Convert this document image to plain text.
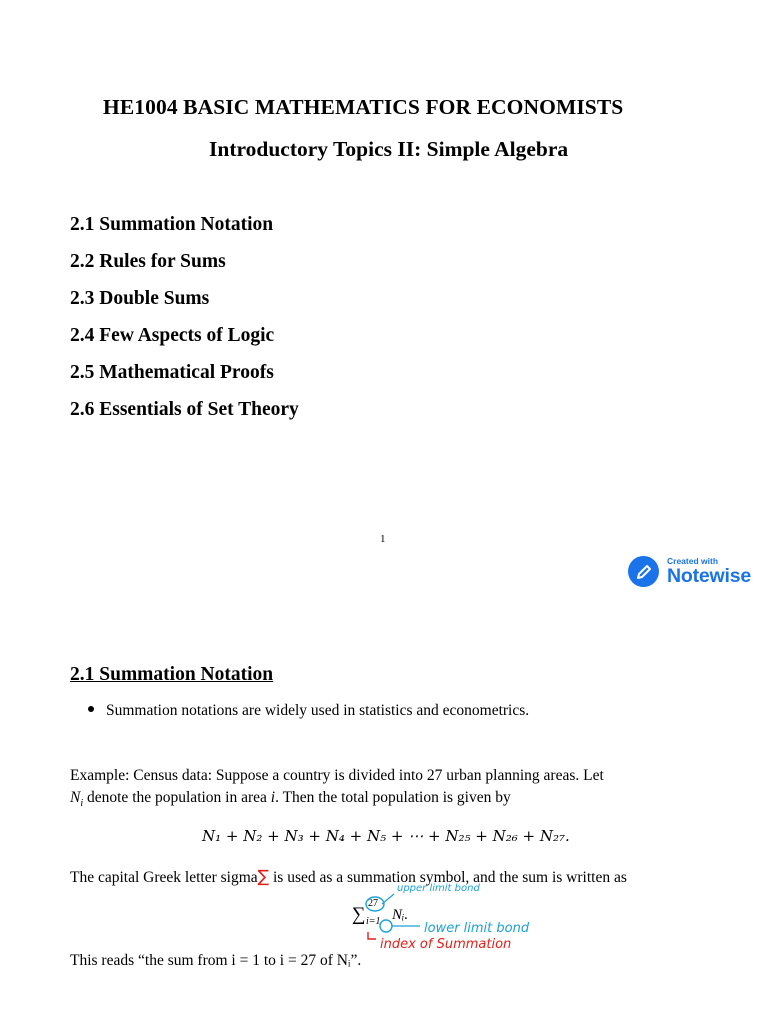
HE1004 BASIC MATHEMATICS FOR ECONOMISTS
Introductory Topics II: Simple Algebra
2.1 Summation Notation
2.2 Rules for Sums
2.3 Double Sums
2.4 Few Aspects of Logic
2.5 Mathematical Proofs
2.6 Essentials of Set Theory
1
Created with
Notewise
2.1 Summation Notation
Summation notations are widely used in statistics and econometrics.
Example: Census data: Suppose a country is divided into 27 urban planning areas. Let
$N_i$ denote the population in area i. Then the total population is given by
N₁ + N₂ + N₃ + N₄ + N₅ + ⋯ + N₂₅ + N₂₆ + N₂₇.
The capital Greek letter sigma∑ is used as a summation symbol, and the sum is written as
∑
27
i=1 Nᵢ.
upper limit bond
lower limit bond
index of Summation
This reads “the sum from i = 1 to i = 27 of Nᵢ”.
